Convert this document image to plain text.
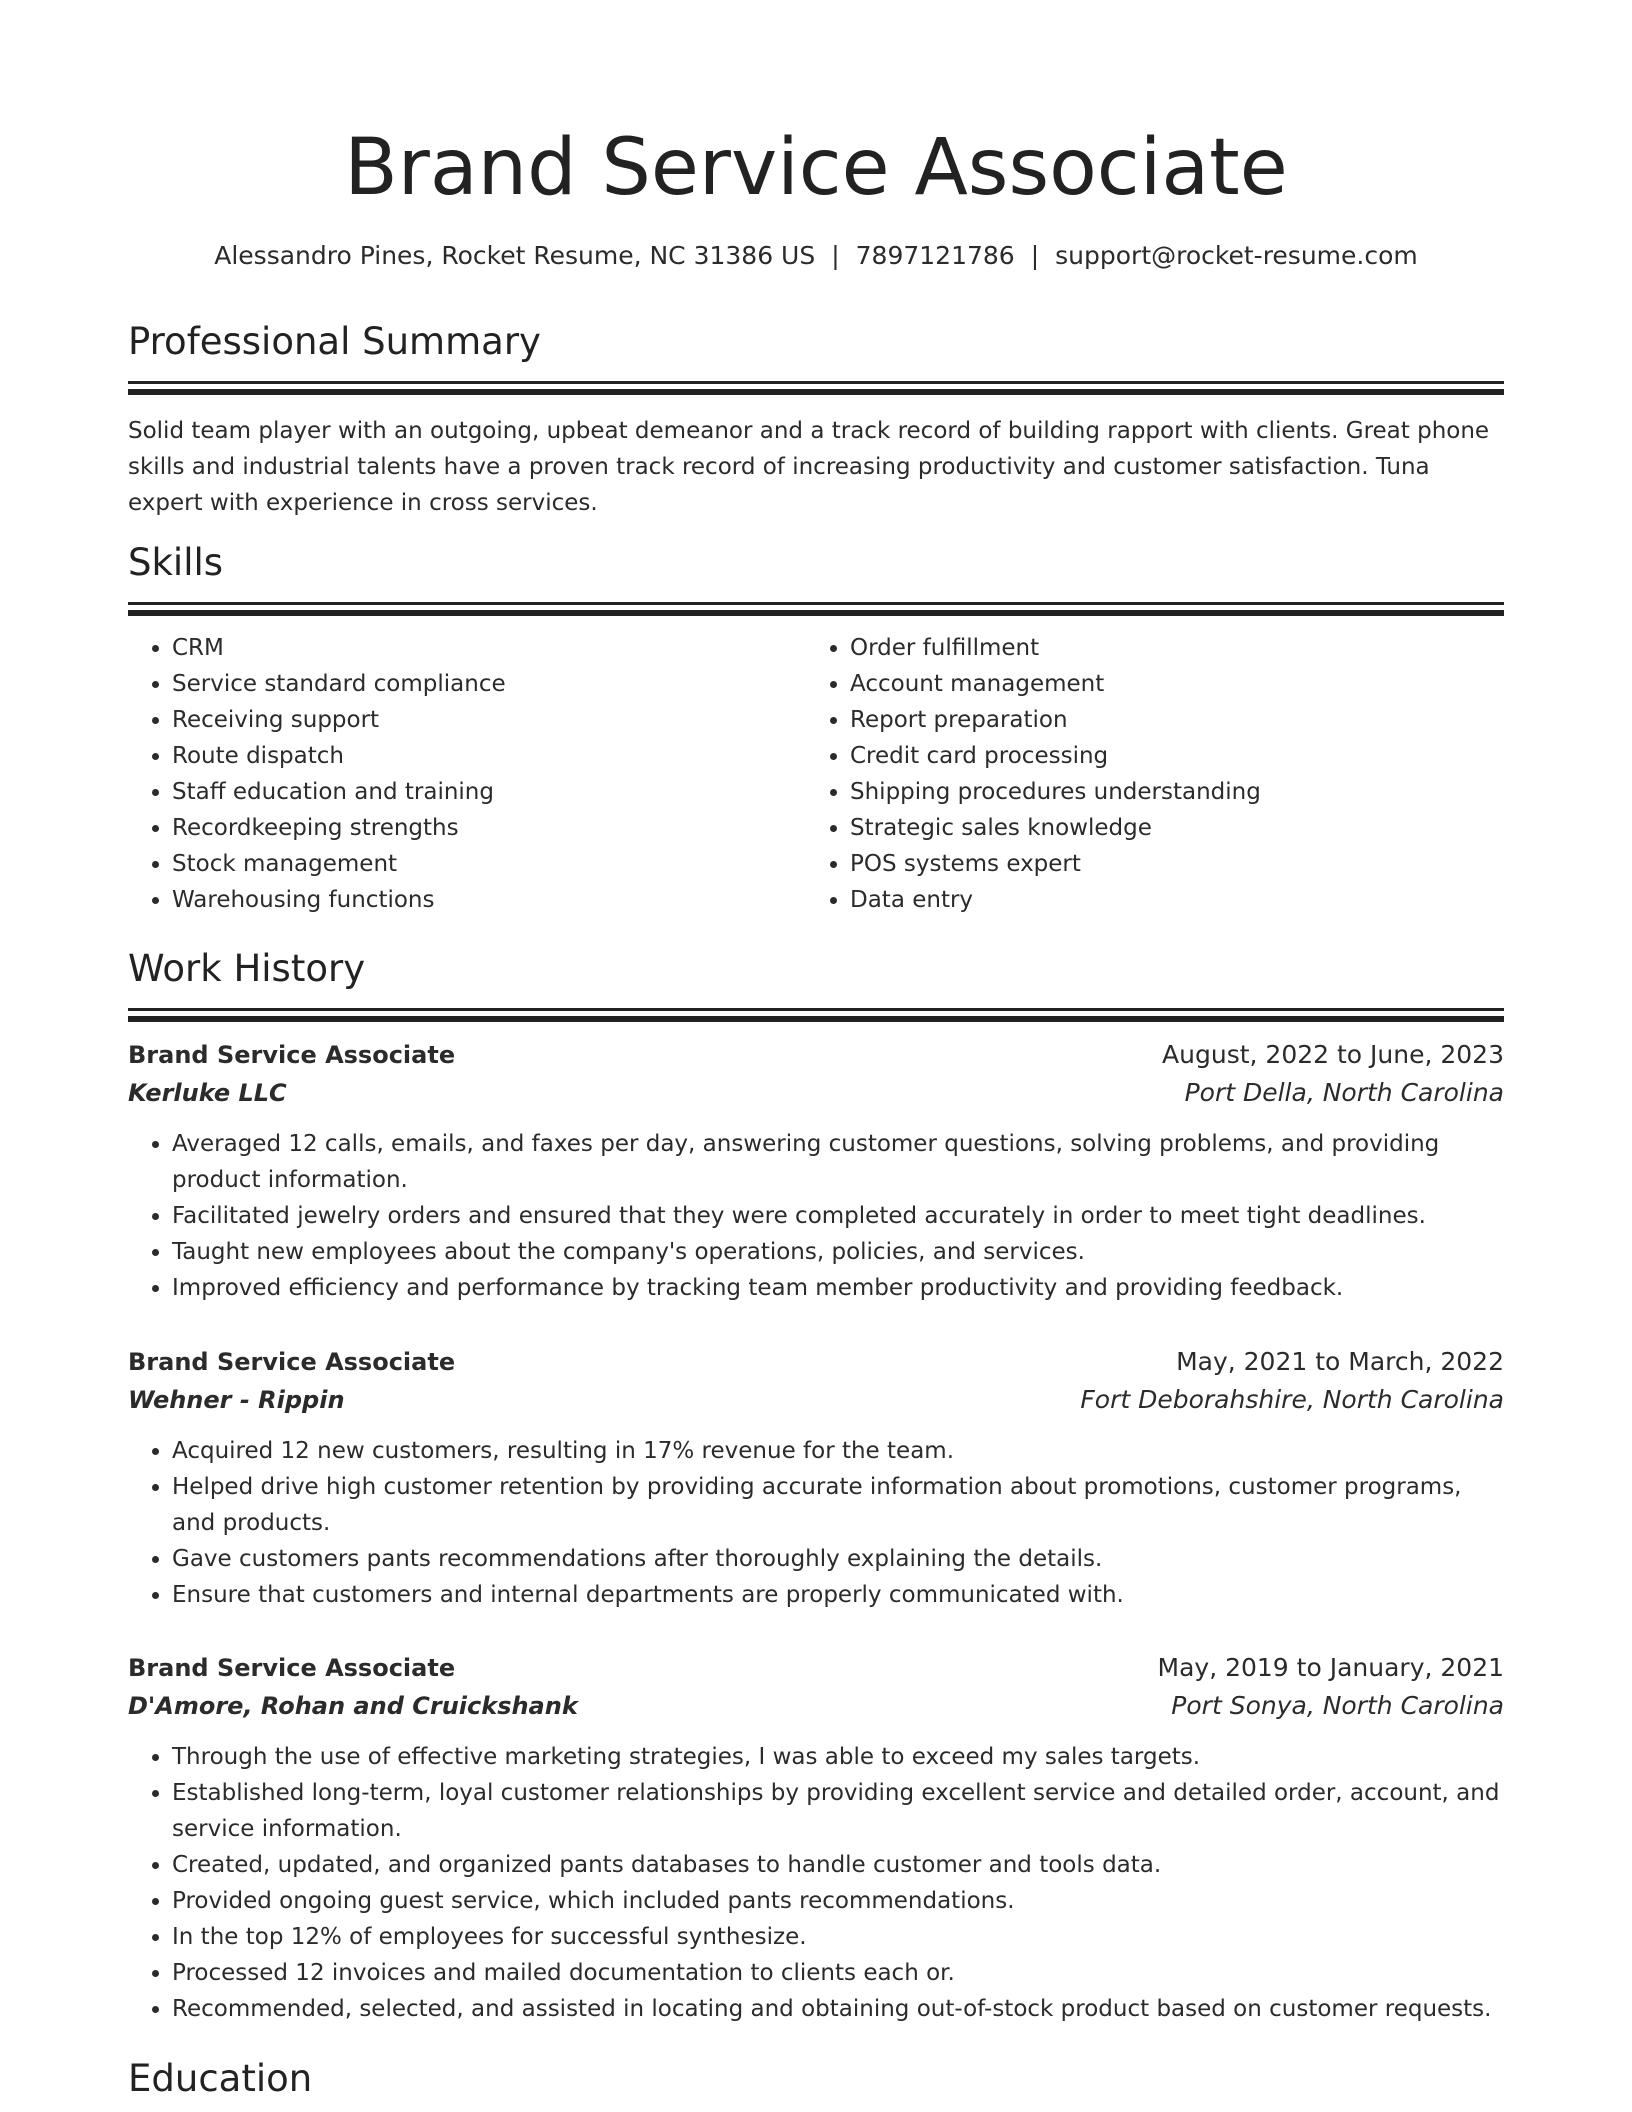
Brand Service Associate
Alessandro Pines, Rocket Resume, NC 31386 US | 7897121786 | support@rocket-resume.com
Professional Summary
Solid team player with an outgoing, upbeat demeanor and a track record of building rapport with clients. Great phone skills and industrial talents have a proven track record of increasing productivity and customer satisfaction. Tuna expert with experience in cross services.
Skills
• CRM
• Service standard compliance
• Receiving support
• Route dispatch
• Staff education and training
• Recordkeeping strengths
• Stock management
• Warehousing functions
• Order fulfillment
• Account management
• Report preparation
• Credit card processing
• Shipping procedures understanding
• Strategic sales knowledge
• POS systems expert
• Data entry
Work History
Brand Service Associate	August, 2022 to June, 2023
Kerluke LLC	Port Della, North Carolina
• Averaged 12 calls, emails, and faxes per day, answering customer questions, solving problems, and providing product information.
• Facilitated jewelry orders and ensured that they were completed accurately in order to meet tight deadlines.
• Taught new employees about the company's operations, policies, and services.
• Improved efficiency and performance by tracking team member productivity and providing feedback.
Brand Service Associate	May, 2021 to March, 2022
Wehner - Rippin	Fort Deborahshire, North Carolina
• Acquired 12 new customers, resulting in 17% revenue for the team.
• Helped drive high customer retention by providing accurate information about promotions, customer programs, and products.
• Gave customers pants recommendations after thoroughly explaining the details.
• Ensure that customers and internal departments are properly communicated with.
Brand Service Associate	May, 2019 to January, 2021
D'Amore, Rohan and Cruickshank	Port Sonya, North Carolina
• Through the use of effective marketing strategies, I was able to exceed my sales targets.
• Established long-term, loyal customer relationships by providing excellent service and detailed order, account, and service information.
• Created, updated, and organized pants databases to handle customer and tools data.
• Provided ongoing guest service, which included pants recommendations.
• In the top 12% of employees for successful synthesize.
• Processed 12 invoices and mailed documentation to clients each or.
• Recommended, selected, and assisted in locating and obtaining out-of-stock product based on customer requests.
Education
